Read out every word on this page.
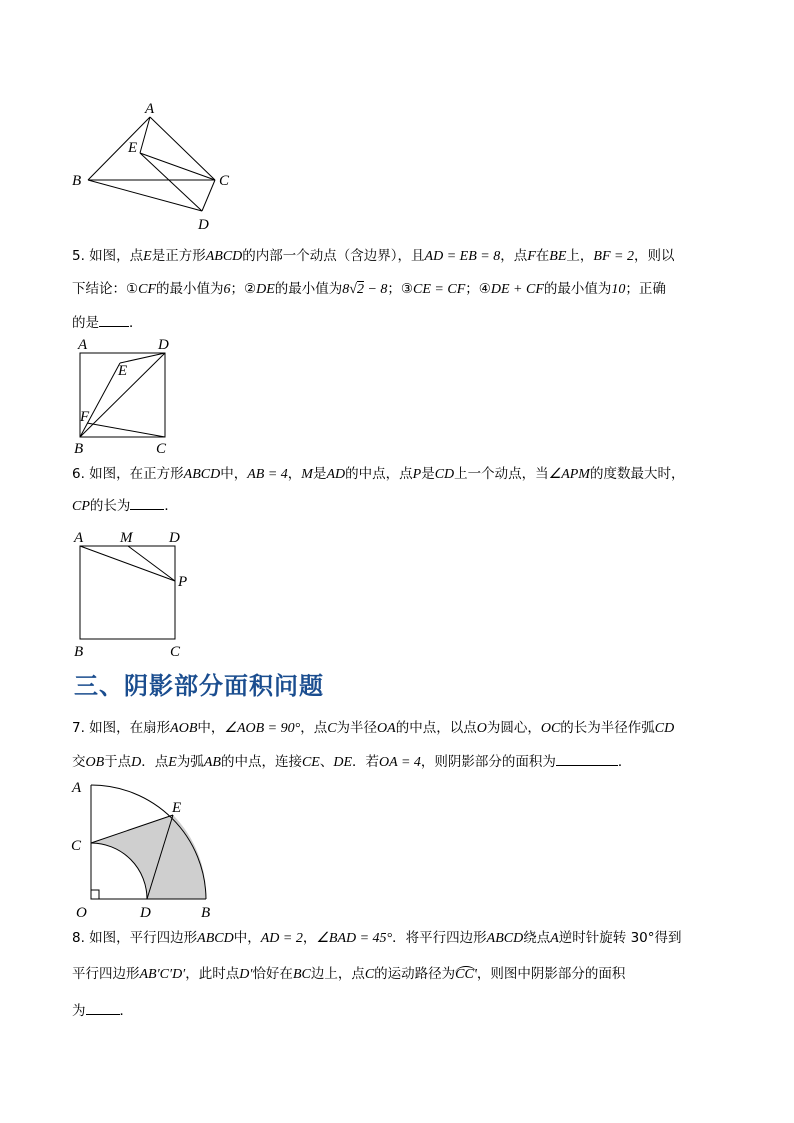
A
E
B	C
D
5. 如图，点E是正方形ABCD的内部一个动点（含边界），且AD = EB = 8，点F在BE上，BF = 2，则以
下结论：①CF的最小值为6；②DE的最小值为8√2 − 8；③CE = CF；④DE + CF的最小值为10；正确
的是 ．
A	D
E
F
B	C
6. 如图，在正方形ABCD中，AB = 4，M是AD的中点，点P是CD上一个动点，当∠APM的度数最大时，
CP的长为	．
A M D
P
B	C
三、阴影部分面积问题
7. 如图，在扇形AOB中，∠AOB = 90°，点C为半径OA的中点，以点O为圆心，OC的长为半径作弧CD
交OB于点D．点E为弧AB的中点，连接CE、DE．若OA = 4，则阴影部分的面积为	．
A
E
C
O	D	B
8. 如图，平行四边形ABCD中，AD = 2，∠BAD = 45°．将平行四边形ABCD绕点A逆时针旋转 30°得到
平行四边形AB′C′D′，此时点D′恰好在BC边上，点C的运动路径为CC′，则图中阴影部分的面积
为	．
